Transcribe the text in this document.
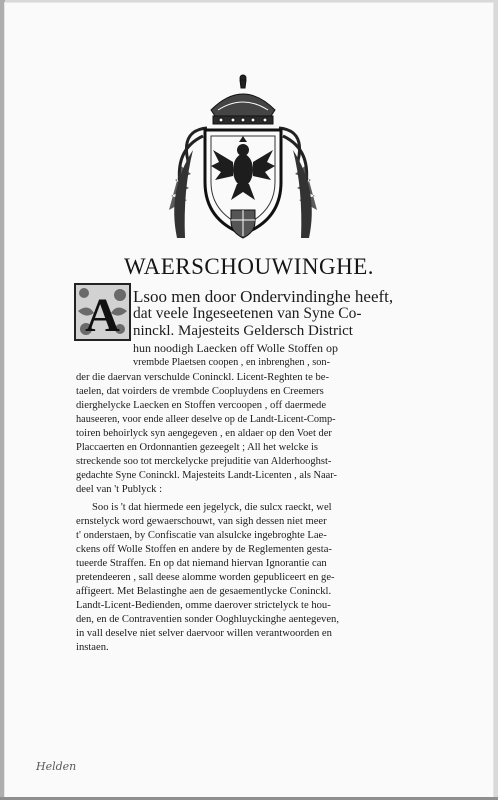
WAERSCHOUWINGHE.
A Lsoo men door Ondervindinghe heeft,

dat veele Ingeseetenen van Syne Co-

ninckl. Majesteits Geldersch District

hun noodigh Laecken off Wolle Stoffen op

vrembde Plaetsen coopen , en inbrenghen , son-

der die daervan verschulde Coninckl. Licent-Reghten te be-

taelen, dat voirders de vrembde Coopluydens en Creemers

dierghelycke Laecken en Stoffen vercoopen , off daermede

hauseeren, voor ende alleer deselve op de Landt-Licent-Comp-

toiren behoirlyck syn aengegeven , en aldaer op den Voet der

Placcaerten en Ordonnantien gezeegelt ; All het welcke is

streckende soo tot merckelycke prejuditie van Alderhooghst-

gedachte Syne Coninckl. Majesteits Landt-Licenten , als Naar-

deel van 't Publyck :

Soo is 't dat hiermede een jegelyck, die sulcx raeckt, wel

ernstelyck word gewaerschouwt, van sigh dessen niet meer

t' onderstaen, by Confiscatie van alsulcke ingebroghte Lae-

ckens off Wolle Stoffen en andere by de Reglementen gesta-

tueerde Straffen. En op dat niemand hiervan Ignorantie can

pretendeeren , sall deese alomme worden gepubliceert en ge-

affigeert. Met Belastinghe aen de gesaementlycke Coninckl.

Landt-Licent-Bedienden, omme daerover strictelyck te hou-

den, en de Contraventien sonder Ooghluyckinghe aentegeven,

in vall deselve niet selver daervoor willen verantwoorden en

instaen.

Helden
